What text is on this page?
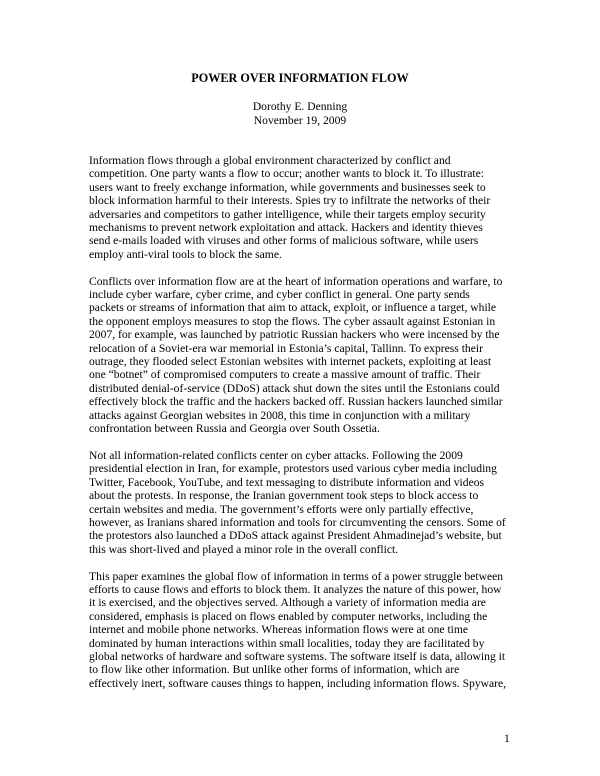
POWER OVER INFORMATION FLOW
Dorothy E. Denning
November 19, 2009
Information flows through a global environment characterized by conflict and
competition. One party wants a flow to occur; another wants to block it. To illustrate:
users want to freely exchange information, while governments and businesses seek to
block information harmful to their interests. Spies try to infiltrate the networks of their
adversaries and competitors to gather intelligence, while their targets employ security
mechanisms to prevent network exploitation and attack. Hackers and identity thieves
send e-mails loaded with viruses and other forms of malicious software, while users
employ anti-viral tools to block the same.
Conflicts over information flow are at the heart of information operations and warfare, to
include cyber warfare, cyber crime, and cyber conflict in general. One party sends
packets or streams of information that aim to attack, exploit, or influence a target, while
the opponent employs measures to stop the flows. The cyber assault against Estonian in
2007, for example, was launched by patriotic Russian hackers who were incensed by the
relocation of a Soviet-era war memorial in Estonia’s capital, Tallinn. To express their
outrage, they flooded select Estonian websites with internet packets, exploiting at least
one “botnet” of compromised computers to create a massive amount of traffic. Their
distributed denial-of-service (DDoS) attack shut down the sites until the Estonians could
effectively block the traffic and the hackers backed off. Russian hackers launched similar
attacks against Georgian websites in 2008, this time in conjunction with a military
confrontation between Russia and Georgia over South Ossetia.
Not all information-related conflicts center on cyber attacks. Following the 2009
presidential election in Iran, for example, protestors used various cyber media including
Twitter, Facebook, YouTube, and text messaging to distribute information and videos
about the protests. In response, the Iranian government took steps to block access to
certain websites and media. The government’s efforts were only partially effective,
however, as Iranians shared information and tools for circumventing the censors. Some of
the protestors also launched a DDoS attack against President Ahmadinejad’s website, but
this was short-lived and played a minor role in the overall conflict.
This paper examines the global flow of information in terms of a power struggle between
efforts to cause flows and efforts to block them. It analyzes the nature of this power, how
it is exercised, and the objectives served. Although a variety of information media are
considered, emphasis is placed on flows enabled by computer networks, including the
internet and mobile phone networks. Whereas information flows were at one time
dominated by human interactions within small localities, today they are facilitated by
global networks of hardware and software systems. The software itself is data, allowing it
to flow like other information. But unlike other forms of information, which are
effectively inert, software causes things to happen, including information flows. Spyware,
1
